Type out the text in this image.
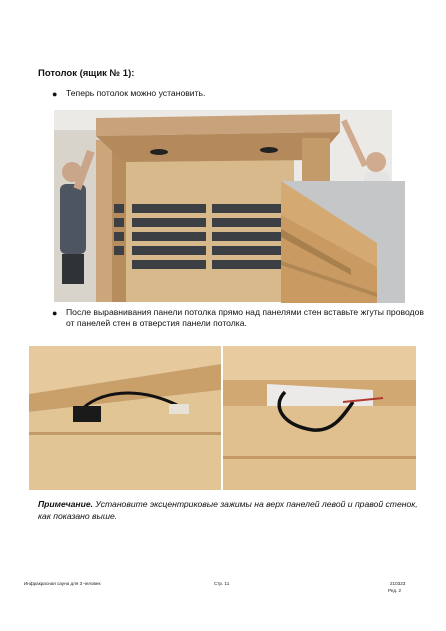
Потолок (ящик № 1):
● Теперь потолок можно установить.
● После выравнивания панели потолка прямо над панелями стен вставьте жгуты проводов
от панелей стен в отверстия панели потолка.
Примечание. Установите эксцентриковые зажимы на верх панелей левой и правой стенок,
как показано выше.
Инфракрасная сауна для 3 человек	Стр. 11	210323
Ред. 2
